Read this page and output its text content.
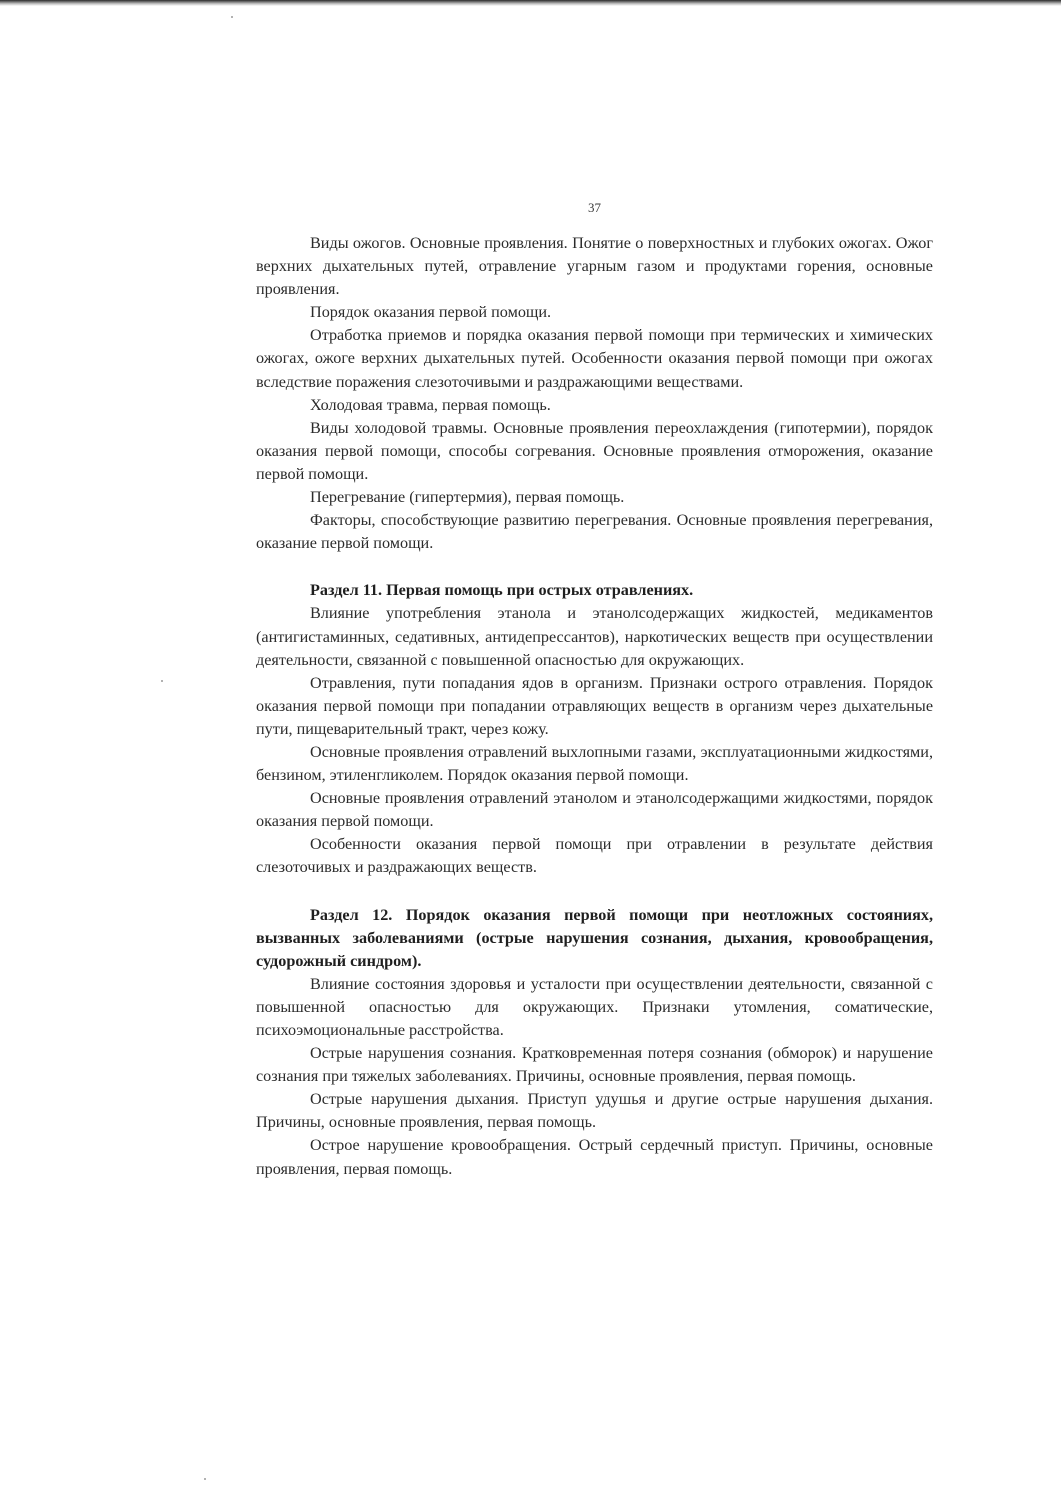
37

Виды ожогов. Основные проявления. Понятие о поверхностных и глубоких ожогах. Ожог верхних дыхательных путей, отравление угарным газом и продуктами горения, основные проявления.

Порядок оказания первой помощи.

Отработка приемов и порядка оказания первой помощи при термических и химических ожогах, ожоге верхних дыхательных путей. Особенности оказания первой помощи при ожогах вследствие поражения слезоточивыми и раздражающими веществами.

Холодовая травма, первая помощь.

Виды холодовой травмы. Основные проявления переохлаждения (гипотермии), порядок оказания первой помощи, способы согревания. Основные проявления отморожения, оказание первой помощи.

Перегревание (гипертермия), первая помощь.

Факторы, способствующие развитию перегревания. Основные проявления перегревания, оказание первой помощи.

Раздел 11. Первая помощь при острых отравлениях.

Влияние употребления этанола и этанолсодержащих жидкостей, медикаментов (антигистаминных, седативных, антидепрессантов), наркотических веществ при осуществлении деятельности, связанной с повышенной опасностью для окружающих.

Отравления, пути попадания ядов в организм. Признаки острого отравления. Порядок оказания первой помощи при попадании отравляющих веществ в организм через дыхательные пути, пищеварительный тракт, через кожу.

Основные проявления отравлений выхлопными газами, эксплуатационными жидкостями, бензином, этиленгликолем. Порядок оказания первой помощи.

Основные проявления отравлений этанолом и этанолсодержащими жидкостями, порядок оказания первой помощи.

Особенности оказания первой помощи при отравлении в результате действия слезоточивых и раздражающих веществ.

Раздел 12. Порядок оказания первой помощи при неотложных состояниях, вызванных заболеваниями (острые нарушения сознания, дыхания, кровообращения, судорожный синдром).

Влияние состояния здоровья и усталости при осуществлении деятельности, связанной с повышенной опасностью для окружающих. Признаки утомления, соматические, психоэмоциональные расстройства.

Острые нарушения сознания. Кратковременная потеря сознания (обморок) и нарушение сознания при тяжелых заболеваниях. Причины, основные проявления, первая помощь.

Острые нарушения дыхания. Приступ удушья и другие острые нарушения дыхания. Причины, основные проявления, первая помощь.

Острое нарушение кровообращения. Острый сердечный приступ. Причины, основные проявления, первая помощь.
